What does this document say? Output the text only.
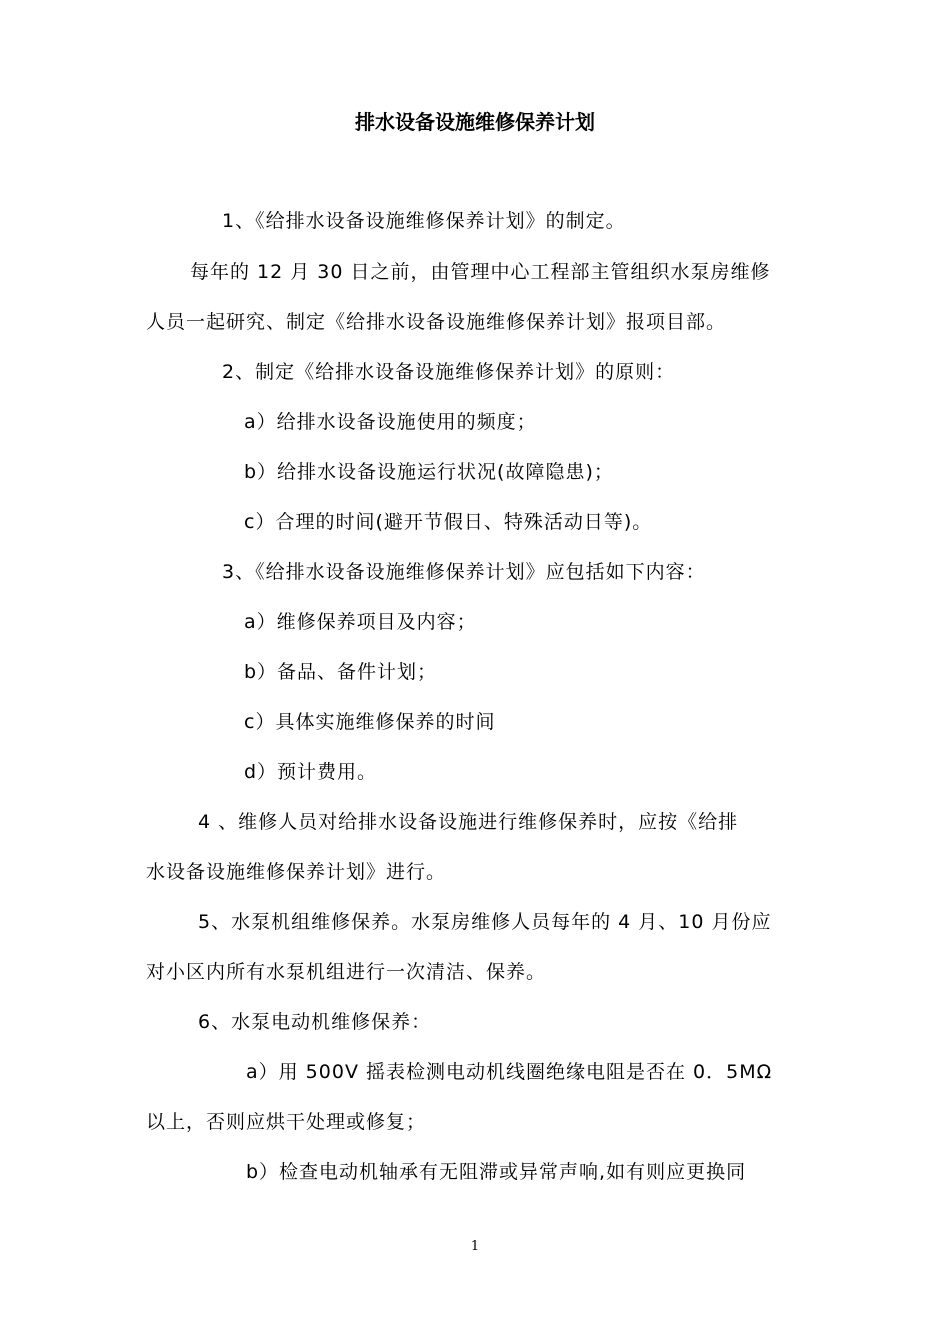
排水设备设施维修保养计划
1、《给排水设备设施维修保养计划》的制定。
每年的 12 月 30 日之前，由管理中心工程部主管组织水泵房维修
人员一起研究、制定《给排水设备设施维修保养计划》报项目部。
2、制定《给排水设备设施维修保养计划》的原则：
a）给排水设备设施使用的频度；
b）给排水设备设施运行状况(故障隐患)；
c）合理的时间(避开节假日、特殊活动日等)。
3、《给排水设备设施维修保养计划》应包括如下内容：
a）维修保养项目及内容；
b）备品、备件计划；
c）具体实施维修保养的时间
d）预计费用。
4 、维修人员对给排水设备设施进行维修保养时，应按《给排
水设备设施维修保养计划》进行。
5、水泵机组维修保养。水泵房维修人员每年的 4 月、10 月份应
对小区内所有水泵机组进行一次清洁、保养。
6、水泵电动机维修保养：
a）用 500V 摇表检测电动机线圈绝缘电阻是否在 0．5MΩ
以上，否则应烘干处理或修复；
b）检查电动机轴承有无阻滞或异常声响,如有则应更换同
1
